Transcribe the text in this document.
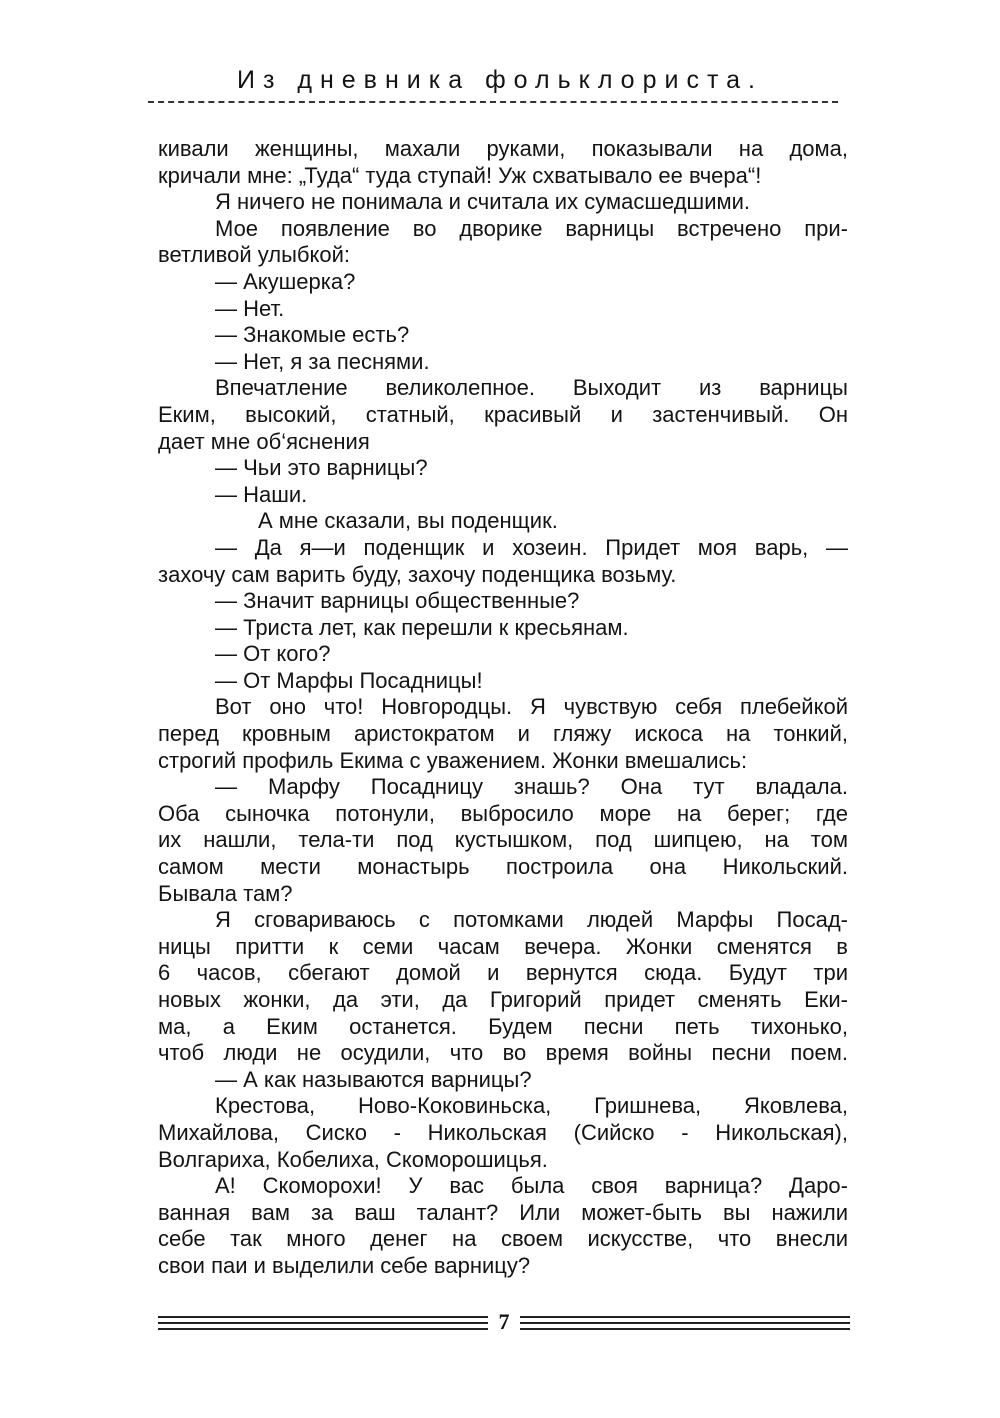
Из дневника фольклориста.

кивали женщины, махали руками, показывали на дома,

кричали мне: „Туда“ туда ступай! Уж схватывало ее вчера“!

Я ничего не понимала и считала их сумасшедшими.

Мое появление во дворике варницы встречено при-

ветливой улыбкой:

— Акушерка?

— Нет.

— Знакомые есть?

— Нет, я за песнями.

Впечатление великолепное. Выходит из варницы

Еким, высокий, статный, красивый и застенчивый. Он

дает мне об‘яснения

— Чьи это варницы?

— Наши.

А мне сказали, вы поденщик.

— Да я—и поденщик и хозеин. Придет моя варь, —

захочу сам варить буду, захочу поденщика возьму.

— Значит варницы общественные?

— Триста лет, как перешли к кресьянам.

— От кого?

— От Марфы Посадницы!

Вот оно что! Новгородцы. Я чувствую себя плебейкой

перед кровным аристократом и гляжу искоса на тонкий,

строгий профиль Екима с уважением. Жонки вмешались:

— Марфу Посадницу знашь? Она тут владала.

Оба сыночка потонули, выбросило море на берег; где

их нашли, тела-ти под кустышком, под шипцею, на том

самом мести монастырь построила она Никольский.

Бывала там?

Я сговариваюсь с потомками людей Марфы Посад-

ницы притти к семи часам вечера. Жонки сменятся в

6 часов, сбегают домой и вернутся сюда. Будут три

новых жонки, да эти, да Григорий придет сменять Еки-

ма, а Еким останется. Будем песни петь тихонько,

чтоб люди не осудили, что во время войны песни поем.

— А как называются варницы?

Крестова, Ново-Коковиньска, Гришнева, Яковлева,

Михайлова, Сиско - Никольская (Сийско - Никольская),

Волгариха, Кобелиха, Скоморошицья.

А! Скоморохи! У вас была своя варница? Даро-

ванная вам за ваш талант? Или может-быть вы нажили

себе так много денег на своем искусстве, что внесли

свои паи и выделили себе варницу?

7
